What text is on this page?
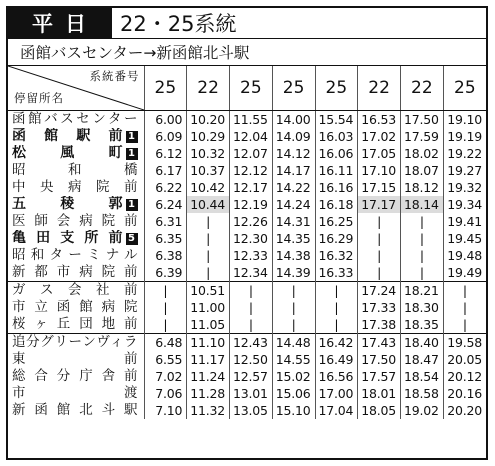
平日	22・25系統
函館バスセンター→新函館北斗駅
系統番号
停留所名	25	22	25	25	25	22	22	25
函館バスセンター	6.00	10.20	11.55	14.00	15.54	16.53	17.50	19.10

函館駅前 1	6.09	10.29	12.04	14.09	16.03	17.02	17.59	19.19

松風町 1	6.12	10.32	12.07	14.12	16.06	17.05	18.02	19.22
昭和橋	6.17	10.37	12.12	14.17	16.11	17.10	18.07	19.27
中央病院前	6.22	10.42	12.17	14.22	16.16	17.15	18.12	19.32

五稜郭 1	6.24	10.44	12.19	14.24	16.18	17.17	18.14	19.34
医師会病院前	6.31	|	12.26	14.31	16.25	|	|	19.41

亀田支所前 5	6.35	|	12.30	14.35	16.29	|	|	19.45
昭和ターミナル	6.38	|	12.33	14.38	16.32	|	|	19.48
新都市病院前	6.39	|	12.34	14.39	16.33	|	|	19.49
ガス会社前	|	10.51	|	|	|	17.24	18.21	|
市立函館病院	|	11.00	|	|	|	17.33	18.30	|
桜ヶ丘団地前	|	11.05	|	|	|	17.38	18.35	|
追分グリーンヴィラ	6.48	11.10	12.43	14.48	16.42	17.43	18.40	19.58
東前	6.55	11.17	12.50	14.55	16.49	17.50	18.47	20.05
総合分庁舎前	7.02	11.24	12.57	15.02	16.56	17.57	18.54	20.12
市渡	7.06	11.28	13.01	15.06	17.00	18.01	18.58	20.16
新函館北斗駅	7.10	11.32	13.05	15.10	17.04	18.05	19.02	20.20
